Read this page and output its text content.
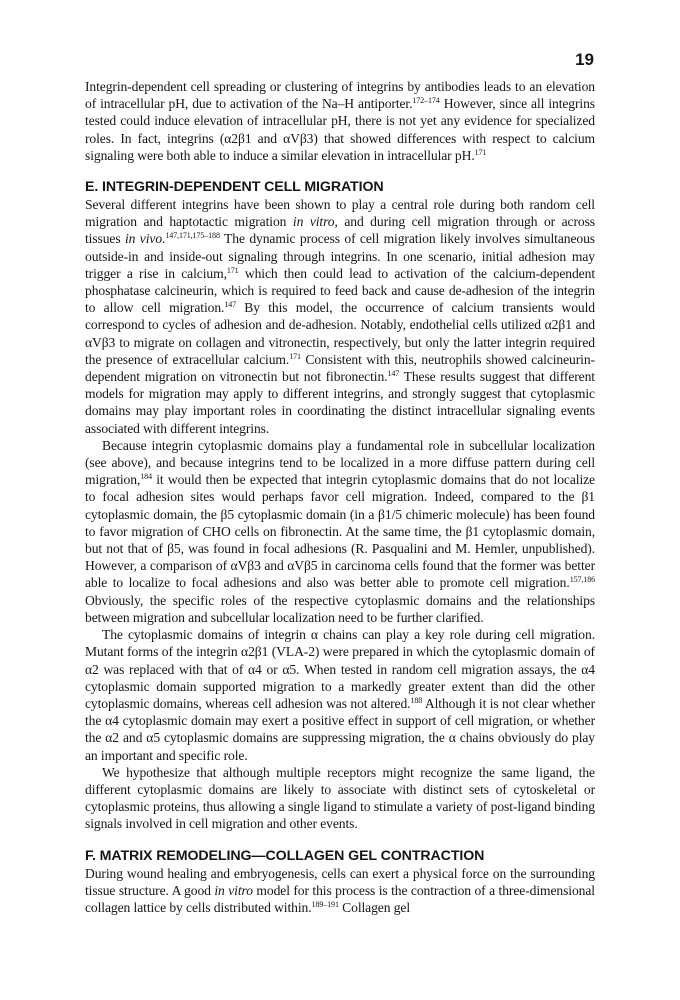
19

Integrin-dependent cell spreading or clustering of integrins by antibodies leads to an elevation of intracellular pH, due to activation of the Na–H antiporter.$^{172-174}$ However, since all integrins tested could induce elevation of intracellular pH, there is not yet any evidence for specialized roles. In fact, integrins (α2β1 and αVβ3) that showed differences with respect to calcium signaling were both able to induce a similar elevation in intracellular pH.$^{171}$

E. INTEGRIN-DEPENDENT CELL MIGRATION

Several different integrins have been shown to play a central role during both random cell migration and haptotactic migration in vitro, and during cell migration through or across tissues in vivo.$^{147,171,175-188}$ The dynamic process of cell migration likely involves simultaneous outside-in and inside-out signaling through integrins. In one scenario, initial adhesion may trigger a rise in calcium,$^{171}$ which then could lead to activation of the calcium-dependent phosphatase calcineurin, which is required to feed back and cause de-adhesion of the integrin to allow cell migration.$^{147}$ By this model, the occurrence of calcium transients would correspond to cycles of adhesion and de-adhesion. Notably, endothelial cells utilized α2β1 and αVβ3 to migrate on collagen and vitronectin, respectively, but only the latter integrin required the presence of extracellular calcium.$^{171}$ Consistent with this, neutrophils showed calcineurin-dependent migration on vitronectin but not fibronectin.$^{147}$ These results suggest that different models for migration may apply to different integrins, and strongly suggest that cytoplasmic domains may play important roles in coordinating the distinct intracellular signaling events associated with different integrins.

Because integrin cytoplasmic domains play a fundamental role in subcellular localization (see above), and because integrins tend to be localized in a more diffuse pattern during cell migration,$^{184}$ it would then be expected that integrin cytoplasmic domains that do not localize to focal adhesion sites would perhaps favor cell migration. Indeed, compared to the β1 cytoplasmic domain, the β5 cytoplasmic domain (in a β1/5 chimeric molecule) has been found to favor migration of CHO cells on fibronectin. At the same time, the β1 cytoplasmic domain, but not that of β5, was found in focal adhesions (R. Pasqualini and M. Hemler, unpublished). However, a comparison of αVβ3 and αVβ5 in carcinoma cells found that the former was better able to localize to focal adhesions and also was better able to promote cell migration.$^{157,186}$ Obviously, the specific roles of the respective cytoplasmic domains and the relationships between migration and subcellular localization need to be further clarified.

The cytoplasmic domains of integrin α chains can play a key role during cell migration. Mutant forms of the integrin α2β1 (VLA-2) were prepared in which the cytoplasmic domain of α2 was replaced with that of α4 or α5. When tested in random cell migration assays, the α4 cytoplasmic domain supported migration to a markedly greater extent than did the other cytoplasmic domains, whereas cell adhesion was not altered.$^{188}$ Although it is not clear whether the α4 cytoplasmic domain may exert a positive effect in support of cell migration, or whether the α2 and α5 cytoplasmic domains are suppressing migration, the α chains obviously do play an important and specific role.

We hypothesize that although multiple receptors might recognize the same ligand, the different cytoplasmic domains are likely to associate with distinct sets of cytoskeletal or cytoplasmic proteins, thus allowing a single ligand to stimulate a variety of post-ligand binding signals involved in cell migration and other events.

F. MATRIX REMODELING—COLLAGEN GEL CONTRACTION

During wound healing and embryogenesis, cells can exert a physical force on the surrounding tissue structure. A good in vitro model for this process is the contraction of a three-dimensional collagen lattice by cells distributed within.$^{189-191}$ Collagen gel
